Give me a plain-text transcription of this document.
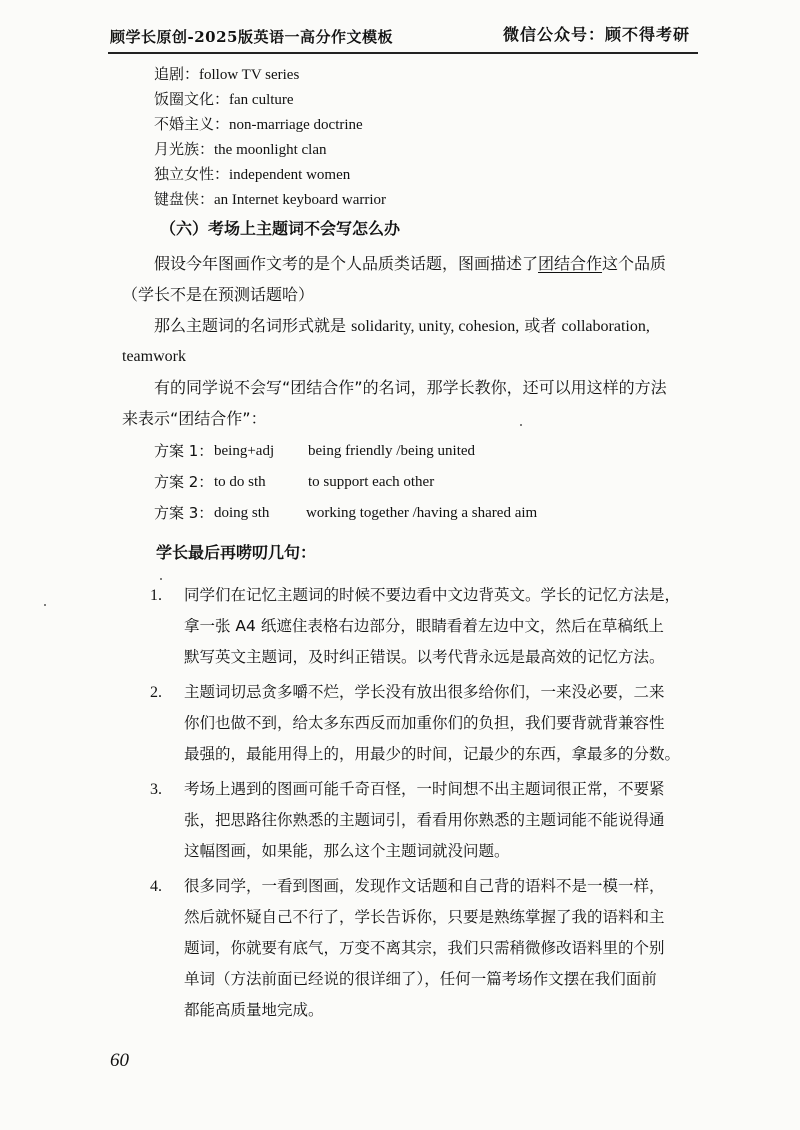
顾学长原创-2025版英语一高分作文模板	微信公众号：顾不得考研
追剧：follow TV series
饭圈文化：fan culture
不婚主义：non-marriage doctrine
月光族：the moonlight clan
独立女性：independent women
键盘侠：an Internet keyboard warrior
（六）考场上主题词不会写怎么办
假设今年图画作文考的是个人品质类话题，图画描述了团结合作这个品质
（学长不是在预测话题哈）
那么主题词的名词形式就是 solidarity, unity, cohesion, 或者 collaboration,
teamwork
有的同学说不会写“团结合作”的名词，那学长教你，还可以用这样的方法
来表示“团结合作”：
方案 1： being+adj being friendly /being united
方案 2： to do sth	to support each other
方案 3： doing sth working together /having a shared aim
学长最后再唠叨几句：
1. 同学们在记忆主题词的时候不要边看中文边背英文。学长的记忆方法是，
拿一张 A4 纸遮住表格右边部分，眼睛看着左边中文，然后在草稿纸上
默写英文主题词，及时纠正错误。以考代背永远是最高效的记忆方法。
2. 主题词切忌贪多嚼不烂，学长没有放出很多给你们，一来没必要，二来
你们也做不到，给太多东西反而加重你们的负担，我们要背就背兼容性
最强的，最能用得上的，用最少的时间，记最少的东西，拿最多的分数。
3. 考场上遇到的图画可能千奇百怪，一时间想不出主题词很正常，不要紧
张，把思路往你熟悉的主题词引，看看用你熟悉的主题词能不能说得通
这幅图画，如果能，那么这个主题词就没问题。
4. 很多同学，一看到图画，发现作文话题和自己背的语料不是一模一样，
然后就怀疑自己不行了，学长告诉你，只要是熟练掌握了我的语料和主
题词，你就要有底气，万变不离其宗，我们只需稍微修改语料里的个别
单词（方法前面已经说的很详细了），任何一篇考场作文摆在我们面前
都能高质量地完成。
60
